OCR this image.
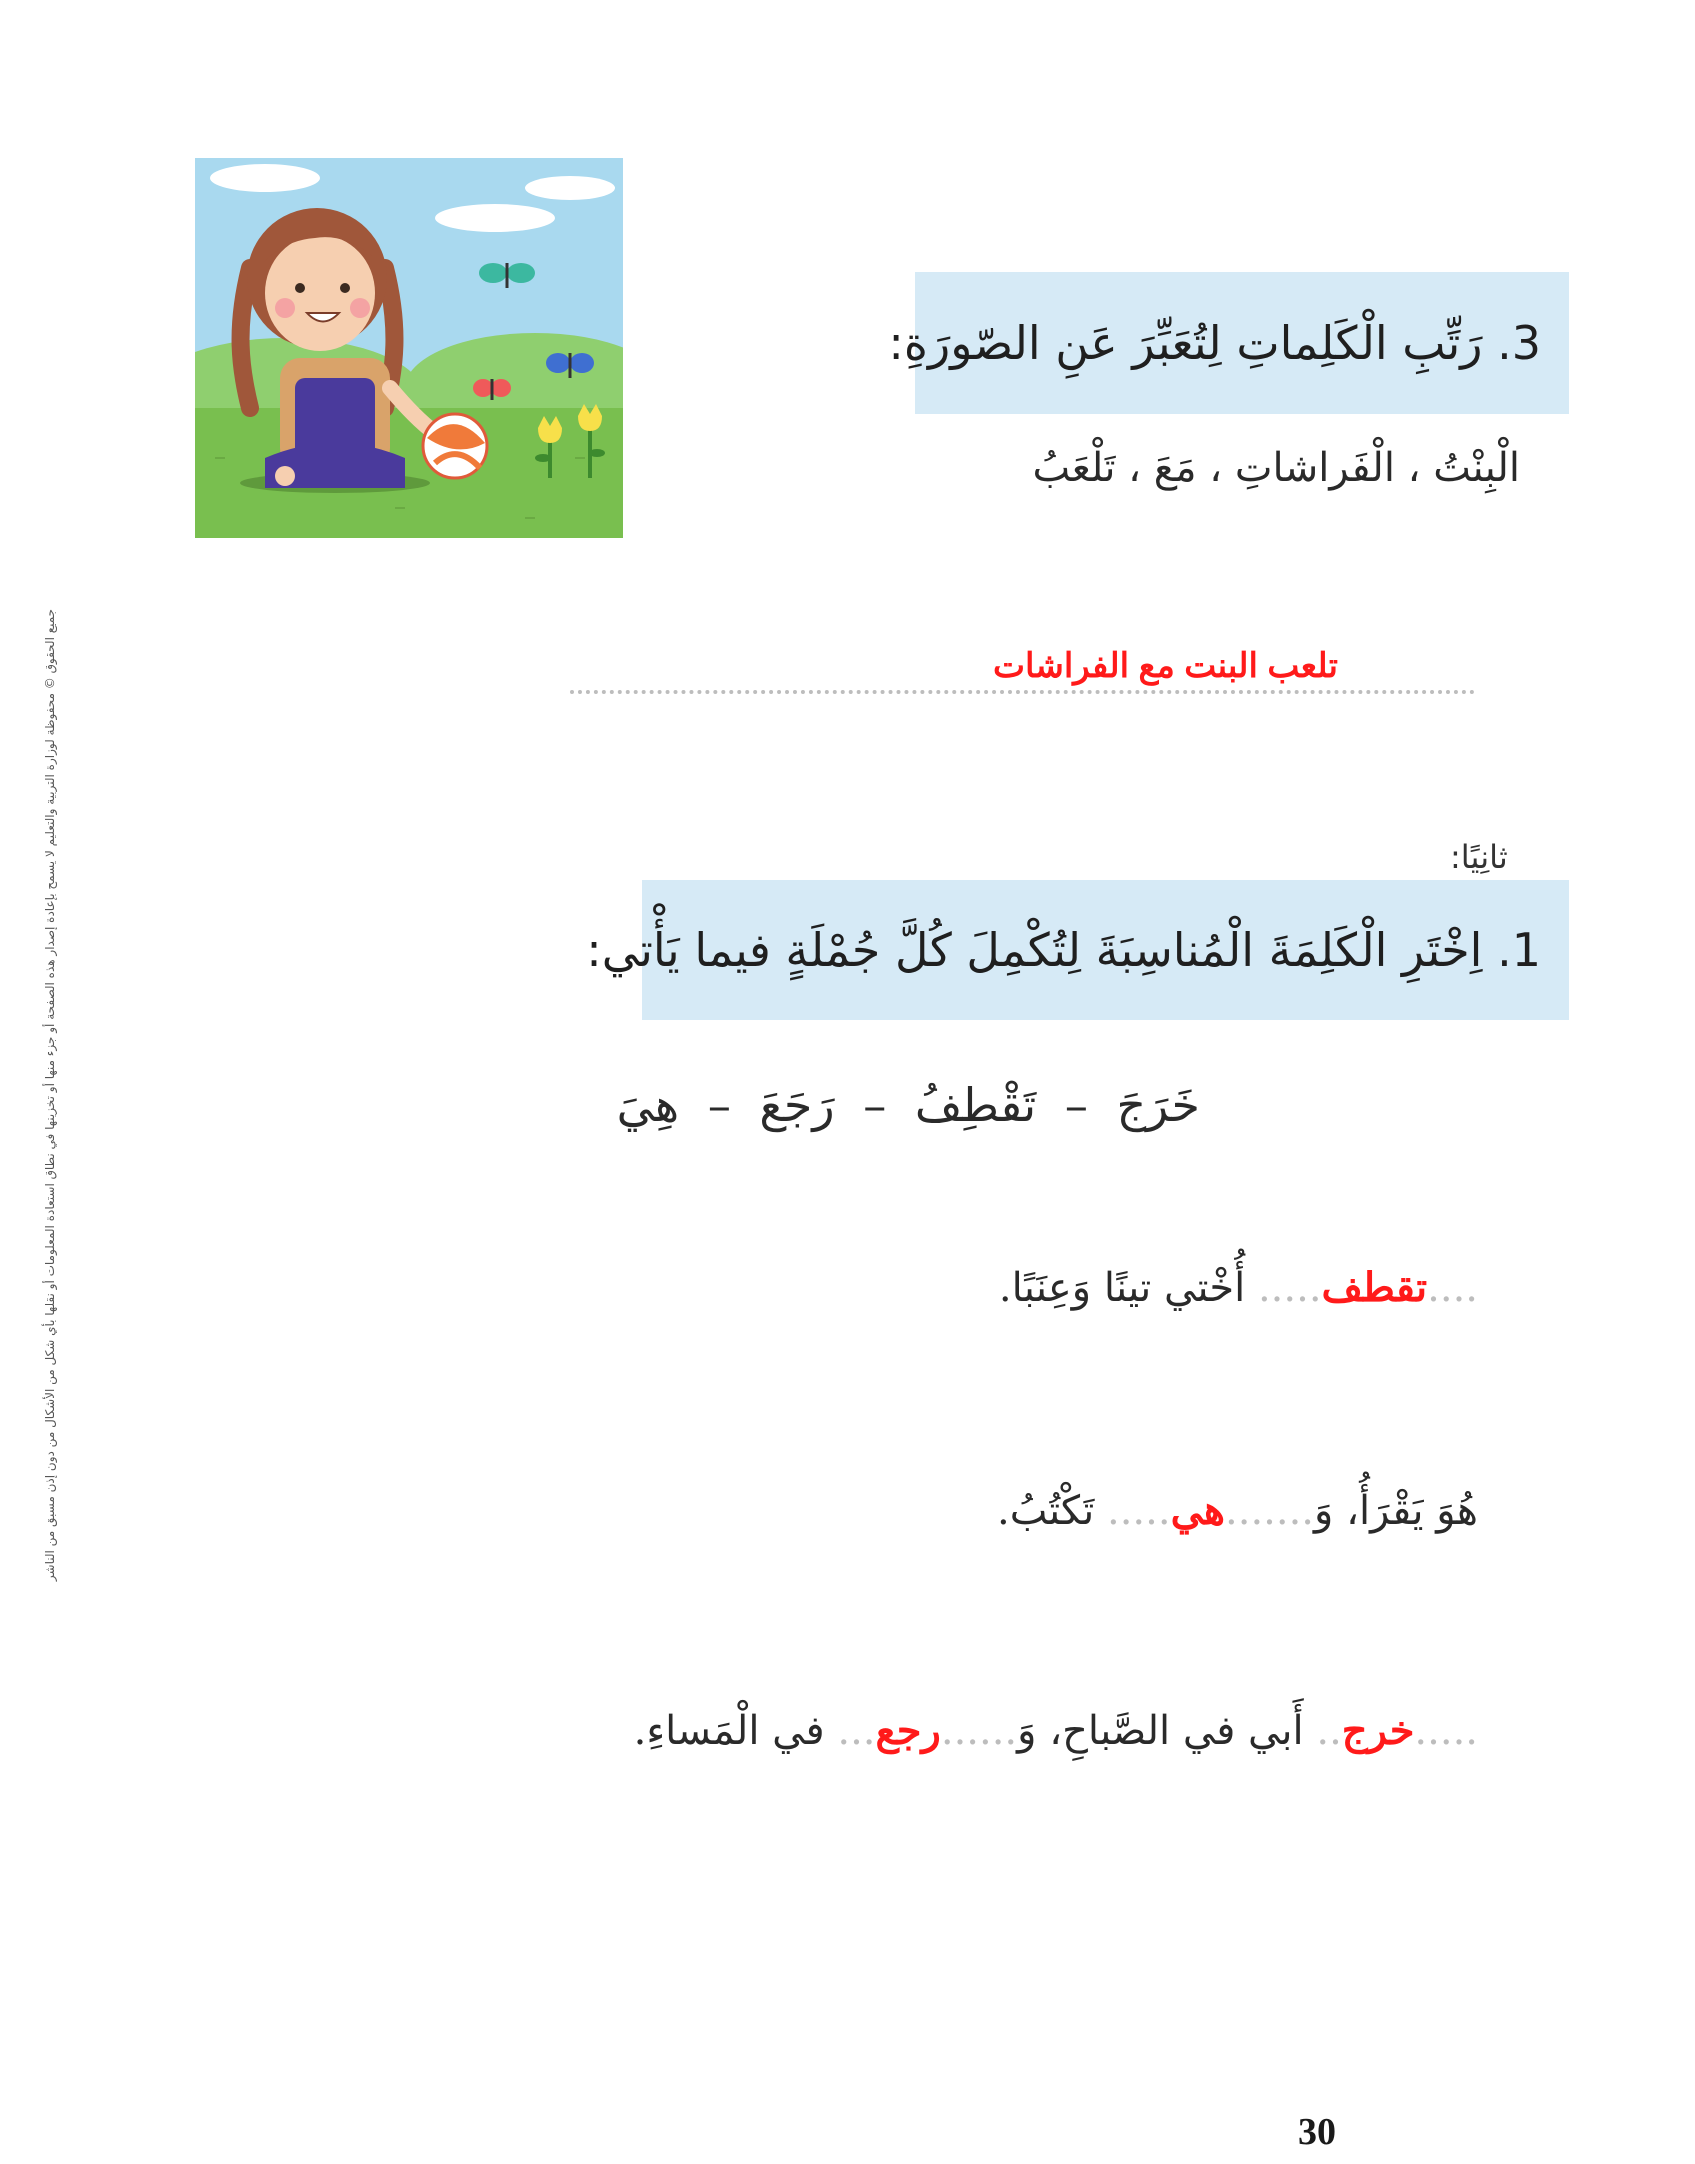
جميع الحقوق © محفوظة لوزارة التربية والتعليم لا يسمح بإعادة إصدار هذه الصفحة أو جزء منها أو تخزينها في نطاق استعادة المعلومات أو نقلها بأي شكل من الأشكال من دون إذن مسبق من الناشر
3. رَتِّبِ الْكَلِماتِ لِتُعَبِّرَ عَنِ الصّورَةِ:
الْبِنْتُ ، الْفَراشاتِ ، مَعَ ، تَلْعَبُ
تلعب البنت مع الفراشات
ثانِيًا:
1. اِخْتَرِ الْكَلِمَةَ الْمُناسِبَةَ لِتُكْمِلَ كُلَّ جُمْلَةٍ فيما يَأْتي:
خَرَجَ – تَقْطِفُ – رَجَعَ – هِيَ
....تقطف..... أُخْتي تينًا وَعِنَبًا.
هُوَ يَقْرَأُ، وَ.......هي..... تَكْتُبُ.
.....خرج.. أَبي في الصَّباحِ، وَ......رجع... في الْمَساءِ.
30
